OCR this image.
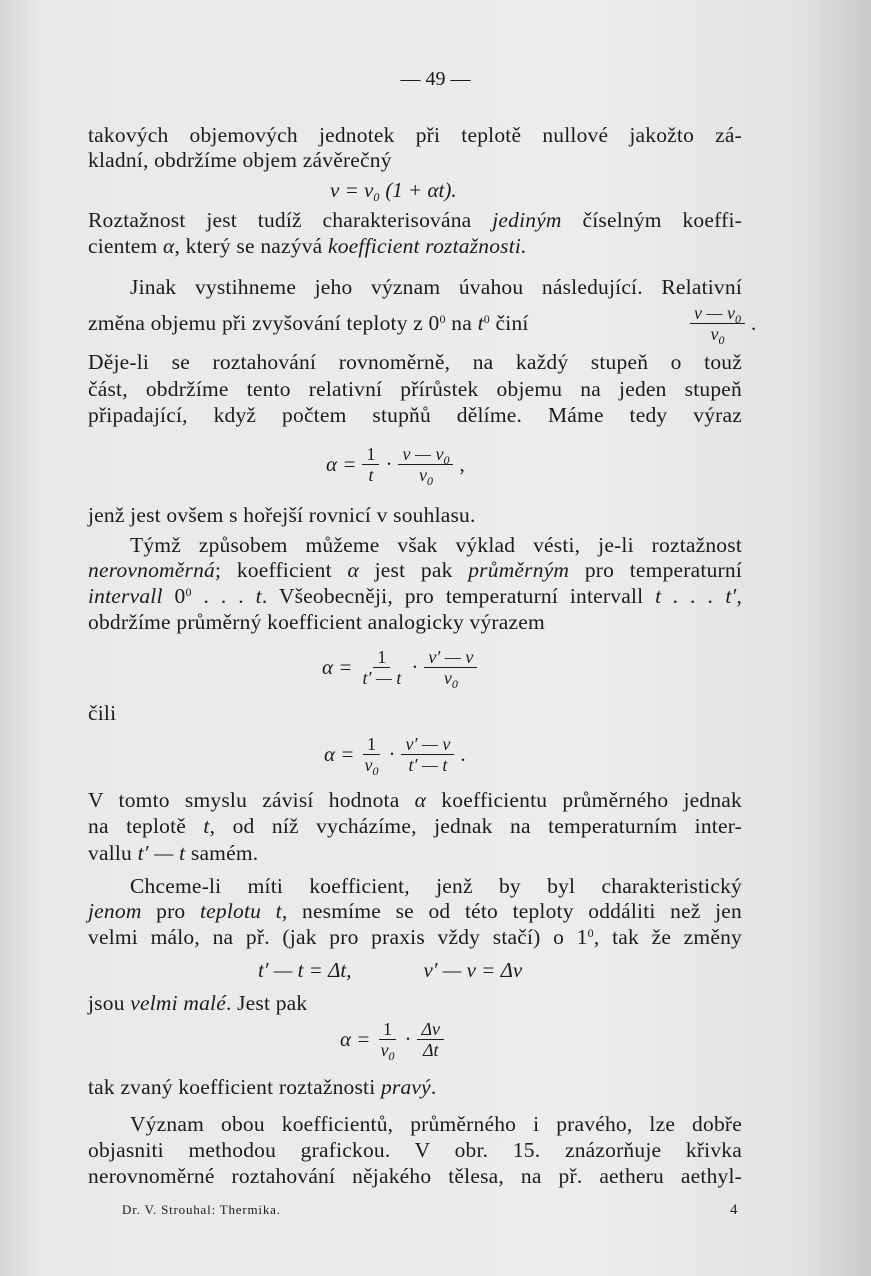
— 49 —
takových objemových jednotek při teplotě nullové jakožto zá-
kladní, obdržíme objem závěrečný
Roztažnost jest tudíž charakterisována jediným číselným koeffi-
cientem α, který se nazývá koefficient roztažnosti.
Jinak vystihneme jeho význam úvahou následující. Relativní
změna objemu při zvyšování teploty z $0^0$ na $t^0$ činí
Děje-li se roztahování rovnoměrně, na každý stupeň o touž
část, obdržíme tento relativní přírůstek objemu na jeden stupeň
připadající, když počtem stupňů dělíme. Máme tedy výraz
jenž jest ovšem s hořejší rovnicí v souhlasu.
Týmž způsobem můžeme však výklad vésti, je-li roztažnost
nerovnoměrná; koefficient α jest pak průměrným pro temperaturní
intervall $0^0$ . . . t. Všeobecněji, pro temperaturní intervall t . . . t′,
obdržíme průměrný koefficient analogicky výrazem
čili
V tomto smyslu závisí hodnota α koefficientu průměrného jednak
na teplotě t, od níž vycházíme, jednak na temperaturním inter-
vallu t′ — t samém.
Chceme-li míti koefficient, jenž by byl charakteristický
jenom pro teplotu t, nesmíme se od této teploty oddáliti než jen
velmi málo, na př. (jak pro praxis vždy stačí) o $1^0$, tak že změny
jsou velmi malé. Jest pak
tak zvaný koefficient roztažnosti pravý.
Význam obou koefficientů, průměrného i pravého, lze dobře
objasniti methodou grafickou. V obr. 15. znázorňuje křivka
nerovnoměrné roztahování nějakého tělesa, na př. aetheru aethyl-
$v = v_0$ (1 + αt).
$\frac{v — v_0}{v_0}$ .
$\alpha = \frac{1}{t} \cdot \frac{v — v_0}{v_0}$ ,
$\alpha = \frac{1}{t' — t} \cdot \frac{v' — v}{v_0}$
$\alpha = \frac{1}{v_0} \cdot \frac{v' — v}{t' — t}$ .
t′ — t = Δt,	v′ — v = Δv
$\alpha = \frac{1}{v_0} \cdot \frac{\Delta v}{\Delta t}$
Dr. V. Strouhal: Thermika.	4
